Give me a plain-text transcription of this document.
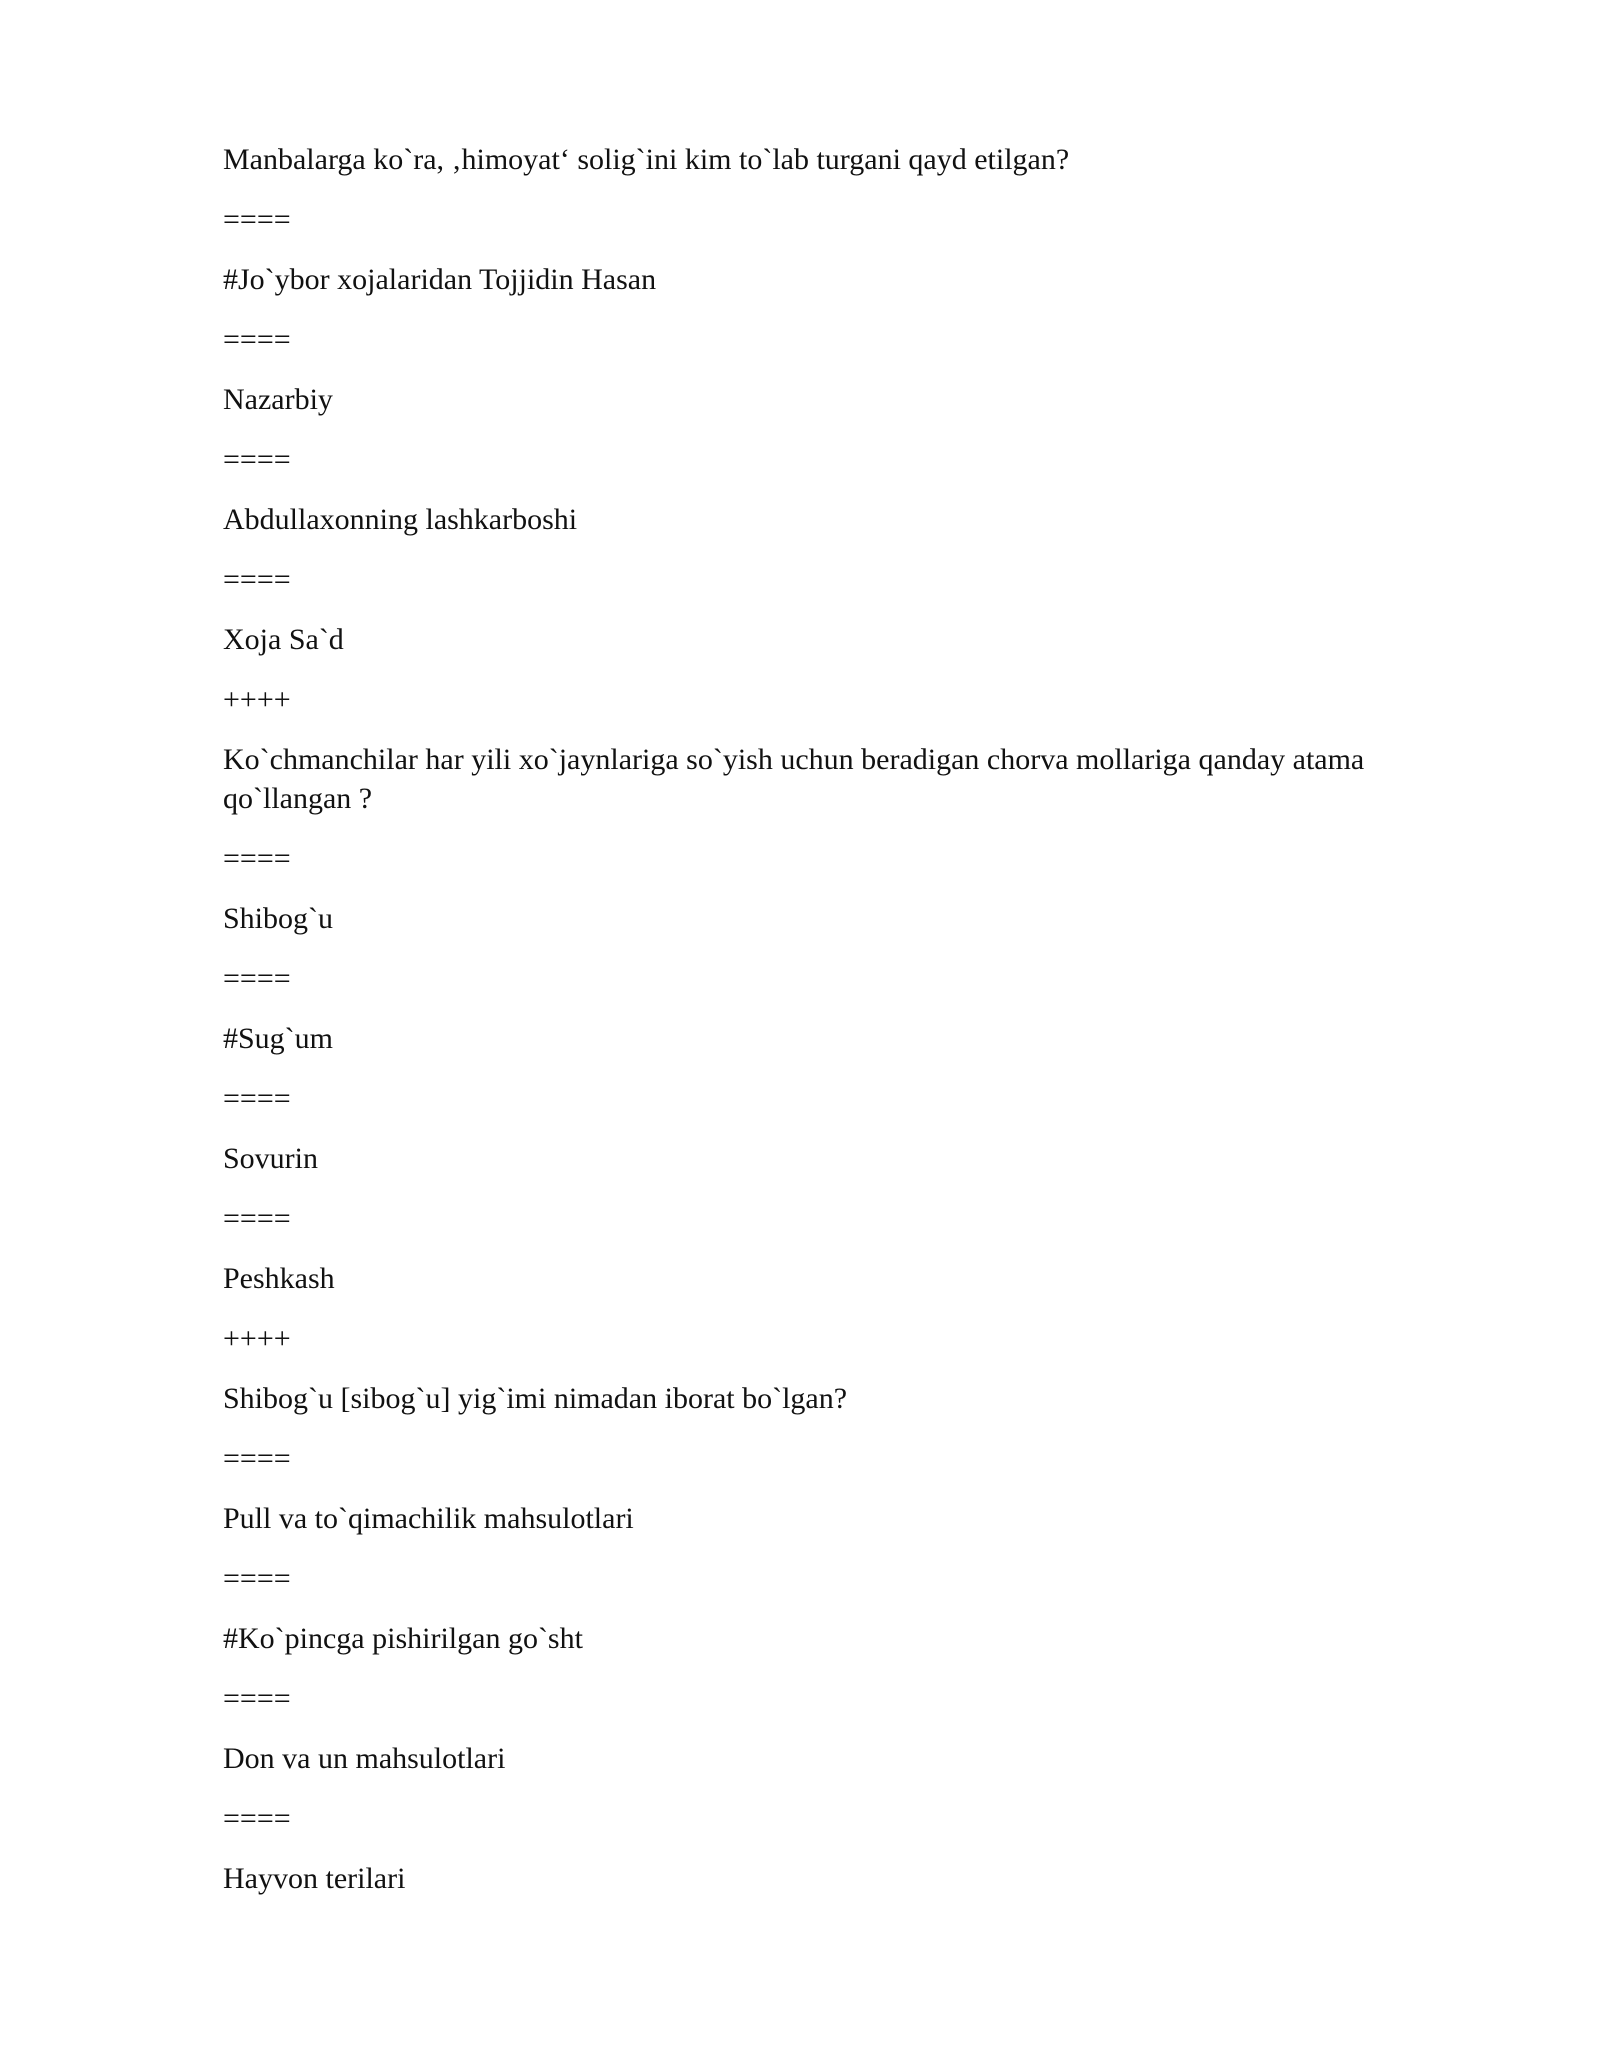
Manbalarga ko`ra, ‚himoyat‘ solig`ini kim to`lab turgani qayd etilgan?

====

#Jo`ybor xojalaridan Tojjidin Hasan

====

Nazarbiy

====

Abdullaxonning lashkarboshi

====

Xoja Sa`d

++++

Ko`chmanchilar har yili xo`jaynlariga so`yish uchun beradigan chorva mollariga qanday atama qo`llangan ?

====

Shibog`u

====

#Sug`um

====

Sovurin

====

Peshkash

++++

Shibog`u [sibog`u] yig`imi nimadan iborat bo`lgan?

====

Pull va to`qimachilik mahsulotlari

====

#Ko`pincga pishirilgan go`sht

====

Don va un mahsulotlari

====

Hayvon terilari
